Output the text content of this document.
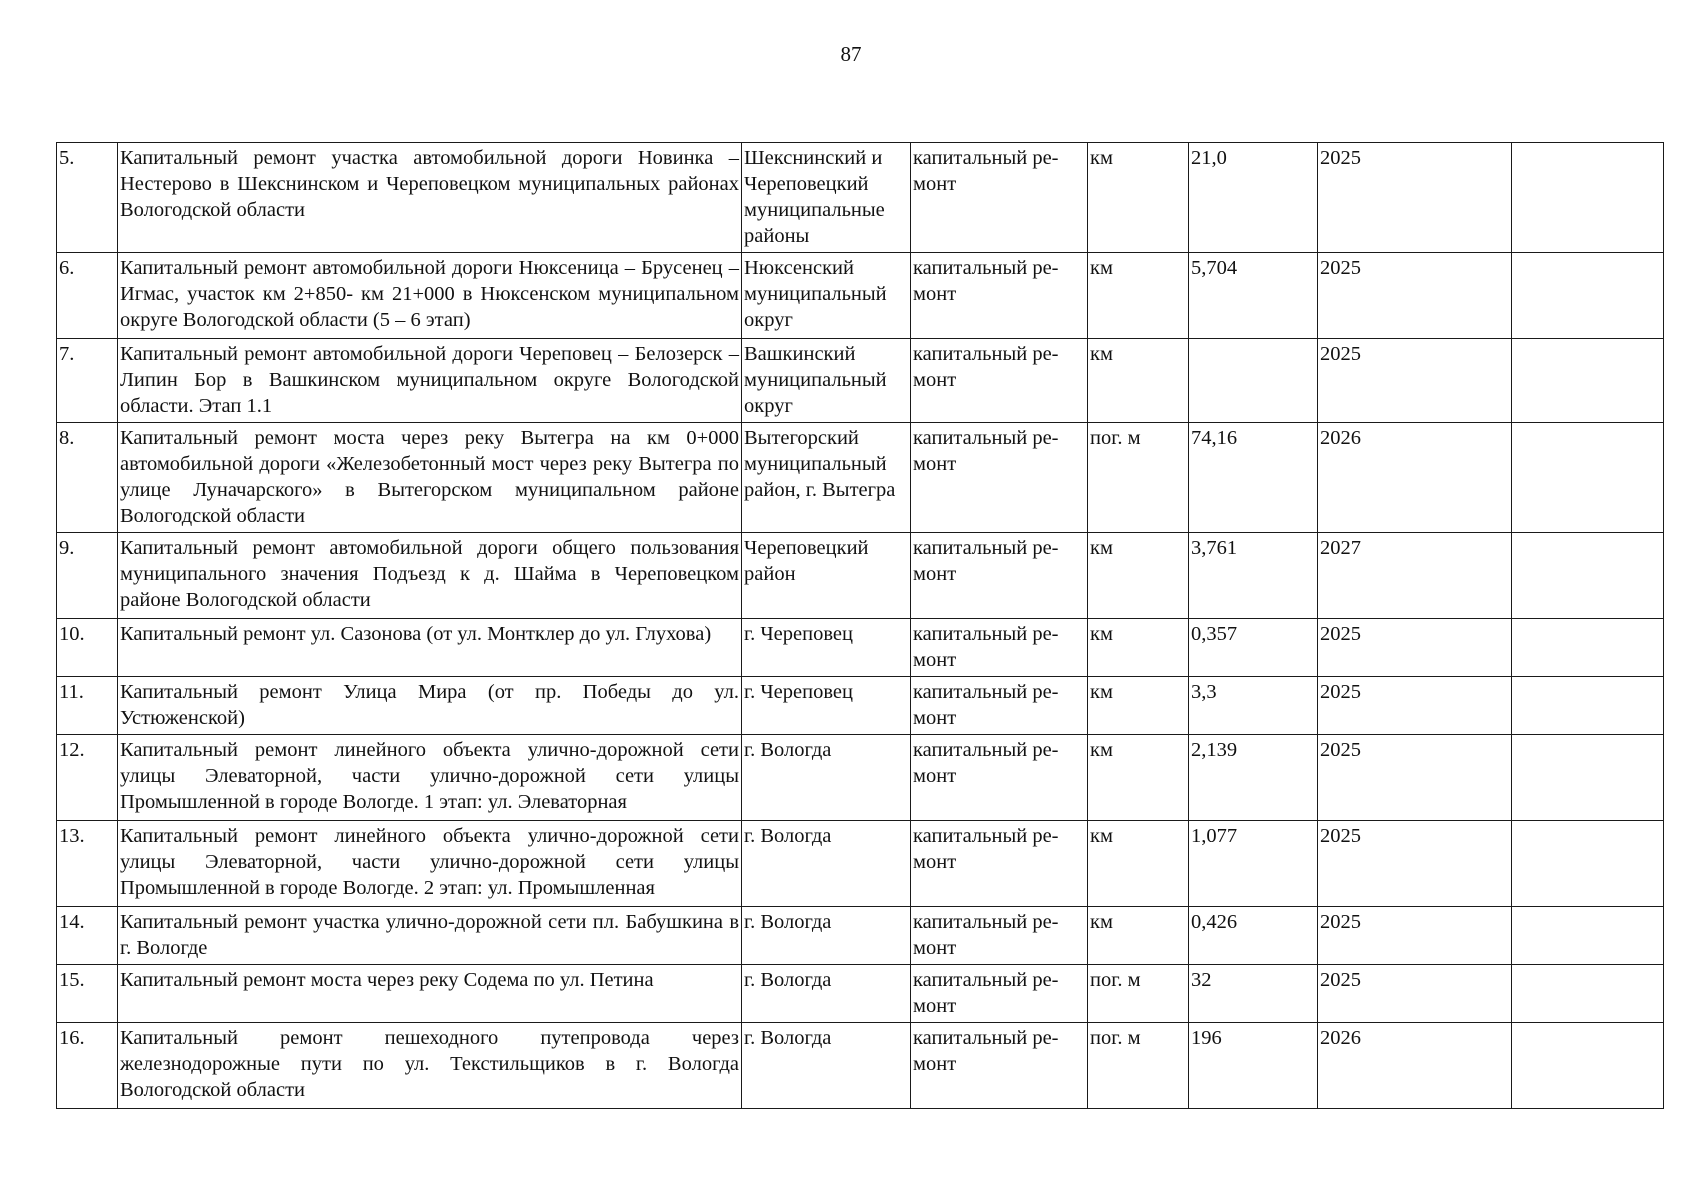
87
5.	Капитальный ремонт участка автомобильной дороги Новинка – Нестерово в Шекснинском и Череповецком муниципальных районах Вологодской области	Шекснинский и Череповецкий муниципальные районы	капитальный ре-монт	км	21,0	2025	
6.	Капитальный ремонт автомобильной дороги Нюксеница – Брусенец – Игмас, участок км 2+850- км 21+000 в Нюксенском муниципальном округе Вологодской области (5 – 6 этап)	Нюксенский муниципальный округ	капитальный ре-монт	км	5,704	2025	
7.	Капитальный ремонт автомобильной дороги Череповец – Белозерск – Липин Бор в Вашкинском муниципальном округе Вологодской области. Этап 1.1	Вашкинский муниципальный округ	капитальный ре-монт	км		2025	
8.	Капитальный ремонт моста через реку Вытегра на км 0+000 автомобильной дороги «Железобетонный мост через реку Вытегра по улице Луначарского» в Вытегорском муниципальном районе Вологодской области	Вытегорский муниципальный район, г. Вытегра	капитальный ре-монт	пог. м	74,16	2026	
9.	Капитальный ремонт автомобильной дороги общего пользования муниципального значения Подъезд к д. Шайма в Череповецком районе Вологодской области	Череповецкий район	капитальный ре-монт	км	3,761	2027	
10.	Капитальный ремонт ул. Сазонова (от ул. Монтклер до ул. Глухова)	г. Череповец	капитальный ре-монт	км	0,357	2025	
11.	Капитальный ремонт Улица Мира (от пр. Победы до ул. Устюженской)	г. Череповец	капитальный ре-монт	км	3,3	2025	
12.	Капитальный ремонт линейного объекта улично-дорожной сети улицы Элеваторной, части улично-дорожной сети улицы Промышленной в городе Вологде. 1 этап: ул. Элеваторная	г. Вологда	капитальный ре-монт	км	2,139	2025	
13.	Капитальный ремонт линейного объекта улично-дорожной сети улицы Элеваторной, части улично-дорожной сети улицы Промышленной в городе Вологде. 2 этап: ул. Промышленная	г. Вологда	капитальный ре-монт	км	1,077	2025	
14.	Капитальный ремонт участка улично-дорожной сети пл. Бабушкина в г. Вологде	г. Вологда	капитальный ре-монт	км	0,426	2025	
15.	Капитальный ремонт моста через реку Содема по ул. Петина	г. Вологда	капитальный ре-монт	пог. м	32	2025	
16.	Капитальный ремонт пешеходного путепровода через железнодорожные пути по ул. Текстильщиков в г. Вологда Вологодской области	г. Вологда	капитальный ре-монт	пог. м	196	2026	
